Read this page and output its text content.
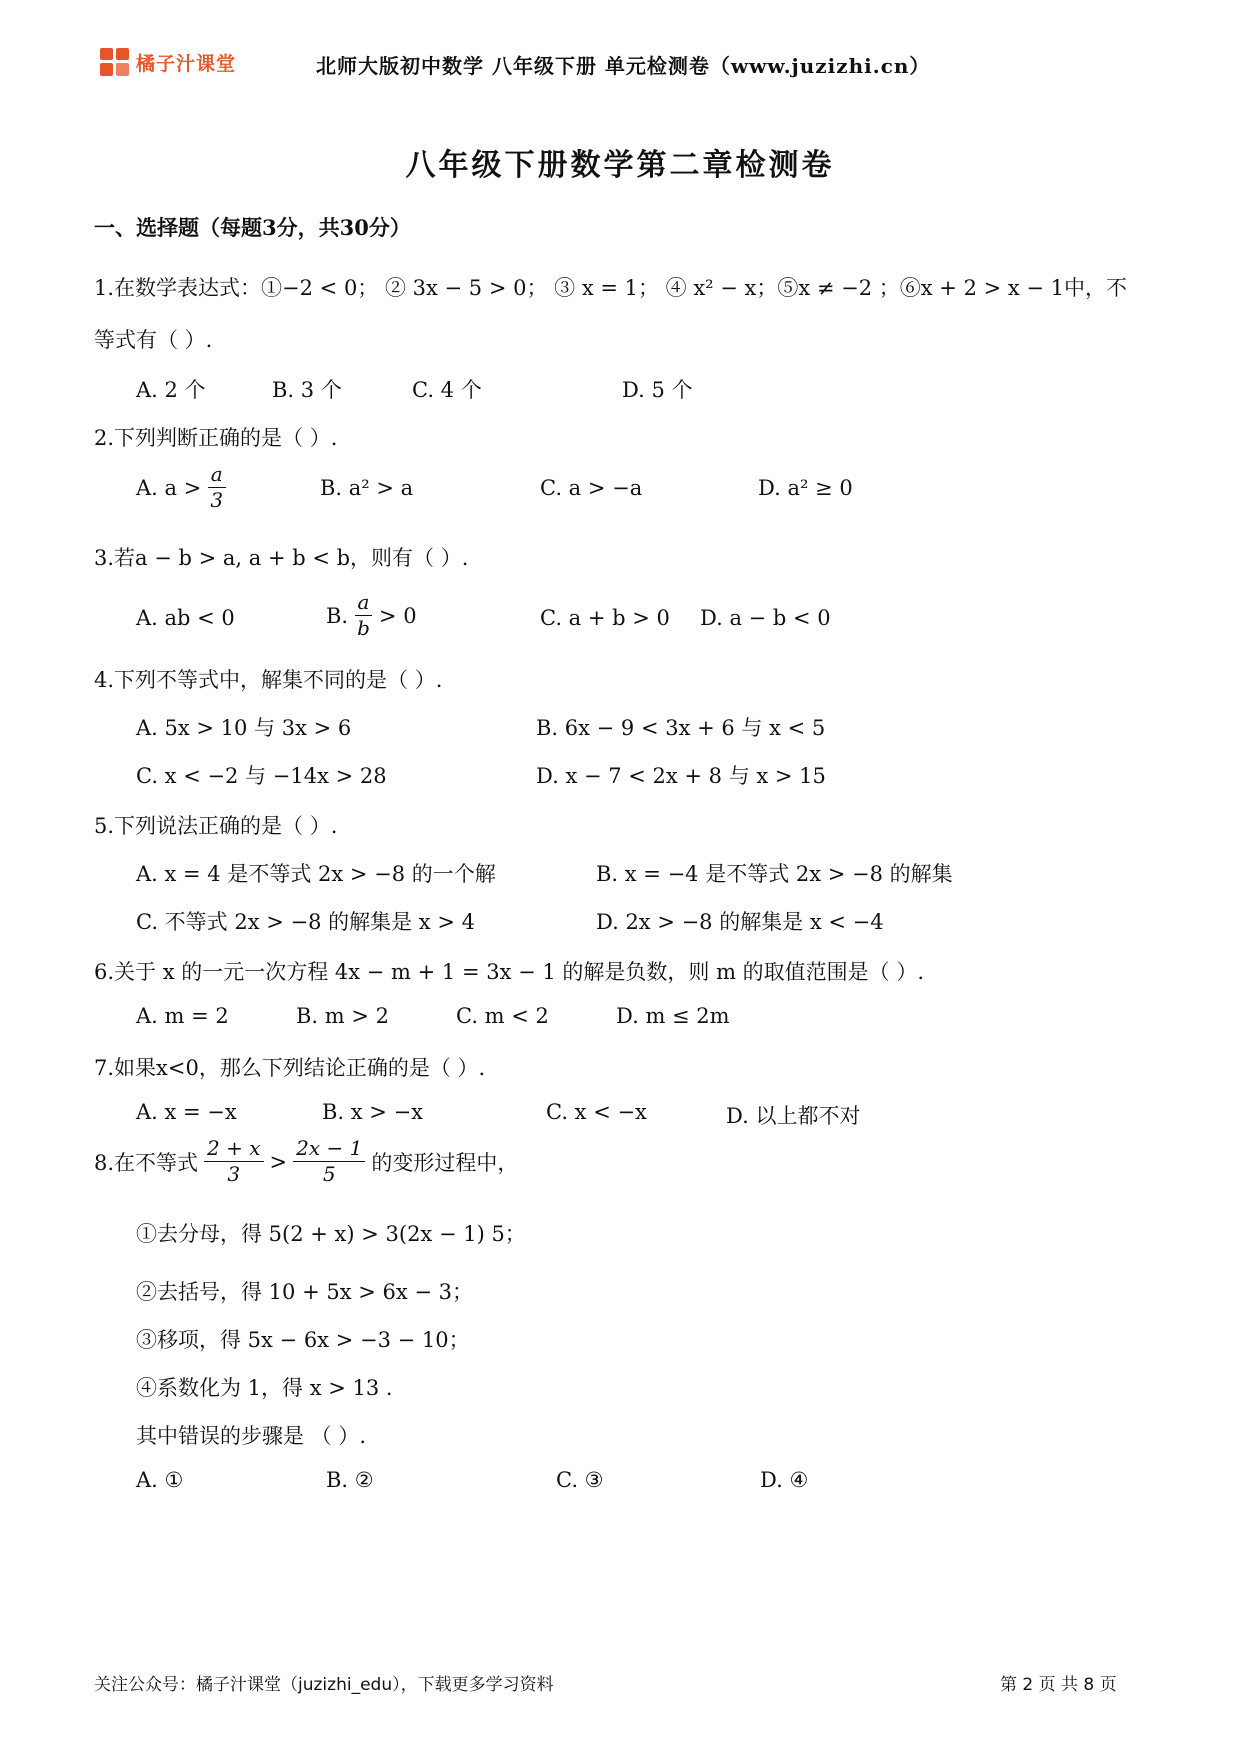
橘子汁课堂	北师大版初中数学 八年级下册 单元检测卷（www.juzizhi.cn）
八年级下册数学第二章检测卷
一、选择题（每题3分，共30分）
1.在数学表达式：①−2 < 0； ② 3x − 5 > 0； ③ x = 1； ④ x² − x；⑤x ≠ −2 ；⑥x + 2 > x − 1中，不
等式有（ ）.
A. 2 个	B. 3 个	C. 4 个	D. 5 个
2.下列判断正确的是（ ）.
A. $a > \frac{a}{3}$	B. a² > a	C. a > −a	D. a² ≥ 0
3.若a − b > a, a + b < b，则有（ ）.
A. ab < 0	B. $\frac{a}{b} > 0$	C. a + b > 0 D. a − b < 0
4.下列不等式中，解集不同的是（ ）.
A. 5x > 10 与 3x > 6	B. 6x − 9 < 3x + 6 与 x < 5
C. x < −2 与 −14x > 28	D. x − 7 < 2x + 8 与 x > 15
5.下列说法正确的是（ ）.
A. x = 4 是不等式 2x > −8 的一个解	B. x = −4 是不等式 2x > −8 的解集
C. 不等式 2x > −8 的解集是 x > 4	D. 2x > −8 的解集是 x < −4
6.关于 x 的一元一次方程 4x − m + 1 = 3x − 1 的解是负数，则 m 的取值范围是（ ）.
A. m = 2	B. m > 2	C. m < 2	D. m ≤ 2m
7.如果x<0，那么下列结论正确的是（ ）.
A. x = −x	B. x > −x	C. x < −x	D. 以上都不对
8.在不等式 $\frac{2 + x}{3} > \frac{2x - 1}{5}$ 的变形过程中，
①去分母，得 5(2 + x) > 3(2x − 1) 5；
②去括号，得 10 + 5x > 6x − 3；
③移项，得 5x − 6x > −3 − 10；
④系数化为 1，得 x > 13 .
其中错误的步骤是 （ ）.
A. ①	B. ②	C. ③	D. ④
关注公众号：橘子汁课堂（juzizhi_edu），下载更多学习资料	第 2 页 共 8 页
